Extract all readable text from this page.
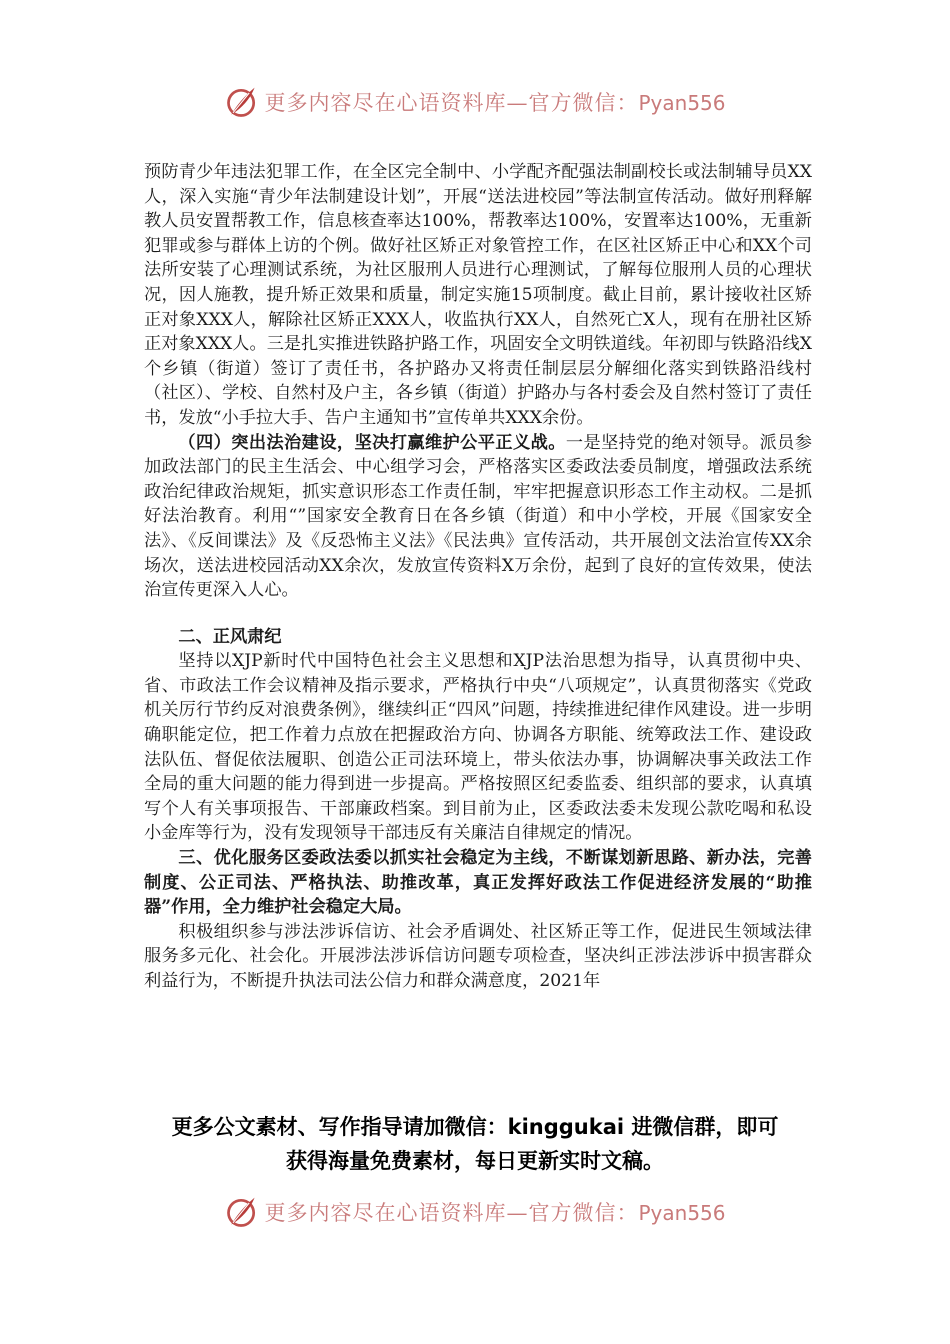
更多内容尽在心语资料库—官方微信：Pyan556

预防青少年违法犯罪工作，在全区完全制中、小学配齐配强法制副校长或法制辅导员XX人，深入实施“青少年法制建设计划”，开展“送法进校园”等法制宣传活动。做好刑释解教人员安置帮教工作，信息核查率达100%，帮教率达100%，安置率达100%，无重新犯罪或参与群体上访的个例。做好社区矫正对象管控工作，在区社区矫正中心和XX个司法所安装了心理测试系统，为社区服刑人员进行心理测试，了解每位服刑人员的心理状况，因人施教，提升矫正效果和质量，制定实施15项制度。截止目前，累计接收社区矫正对象XXX人，解除社区矫正XXX人，收监执行XX人，自然死亡X人，现有在册社区矫正对象XXX人。三是扎实推进铁路护路工作，巩固安全文明铁道线。年初即与铁路沿线X个乡镇（街道）签订了责任书，各护路办又将责任制层层分解细化落实到铁路沿线村（社区）、学校、自然村及户主，各乡镇（街道）护路办与各村委会及自然村签订了责任书，发放“小手拉大手、告户主通知书”宣传单共XXX余份。

（四）突出法治建设，坚决打赢维护公平正义战。一是坚持党的绝对领导。派员参加政法部门的民主生活会、中心组学习会，严格落实区委政法委员制度，增强政法系统政治纪律政治规矩，抓实意识形态工作责任制，牢牢把握意识形态工作主动权。二是抓好法治教育。利用“”国家安全教育日在各乡镇（街道）和中小学校，开展《国家安全法》、《反间谍法》及《反恐怖主义法》《民法典》宣传活动，共开展创文法治宣传XX余场次，送法进校园活动XX余次，发放宣传资料X万余份，起到了良好的宣传效果，使法治宣传更深入人心。

二、正风肃纪

坚持以XJP新时代中国特色社会主义思想和XJP法治思想为指导，认真贯彻中央、省、市政法工作会议精神及指示要求，严格执行中央“八项规定”，认真贯彻落实《党政机关厉行节约反对浪费条例》，继续纠正“四风”问题，持续推进纪律作风建设。进一步明确职能定位，把工作着力点放在把握政治方向、协调各方职能、统筹政法工作、建设政法队伍、督促依法履职、创造公正司法环境上，带头依法办事，协调解决事关政法工作全局的重大问题的能力得到进一步提高。严格按照区纪委监委、组织部的要求，认真填写个人有关事项报告、干部廉政档案。到目前为止，区委政法委未发现公款吃喝和私设小金库等行为，没有发现领导干部违反有关廉洁自律规定的情况。

三、优化服务区委政法委以抓实社会稳定为主线，不断谋划新思路、新办法，完善制度、公正司法、严格执法、助推改革，真正发挥好政法工作促进经济发展的“助推器”作用，全力维护社会稳定大局。

积极组织参与涉法涉诉信访、社会矛盾调处、社区矫正等工作，促进民生领域法律服务多元化、社会化。开展涉法涉诉信访问题专项检查，坚决纠正涉法涉诉中损害群众利益行为，不断提升执法司法公信力和群众满意度，2021年

更多公文素材、写作指导请加微信：kinggukai 进微信群，即可
获得海量免费素材，每日更新实时文稿。
更多内容尽在心语资料库—官方微信：Pyan556
